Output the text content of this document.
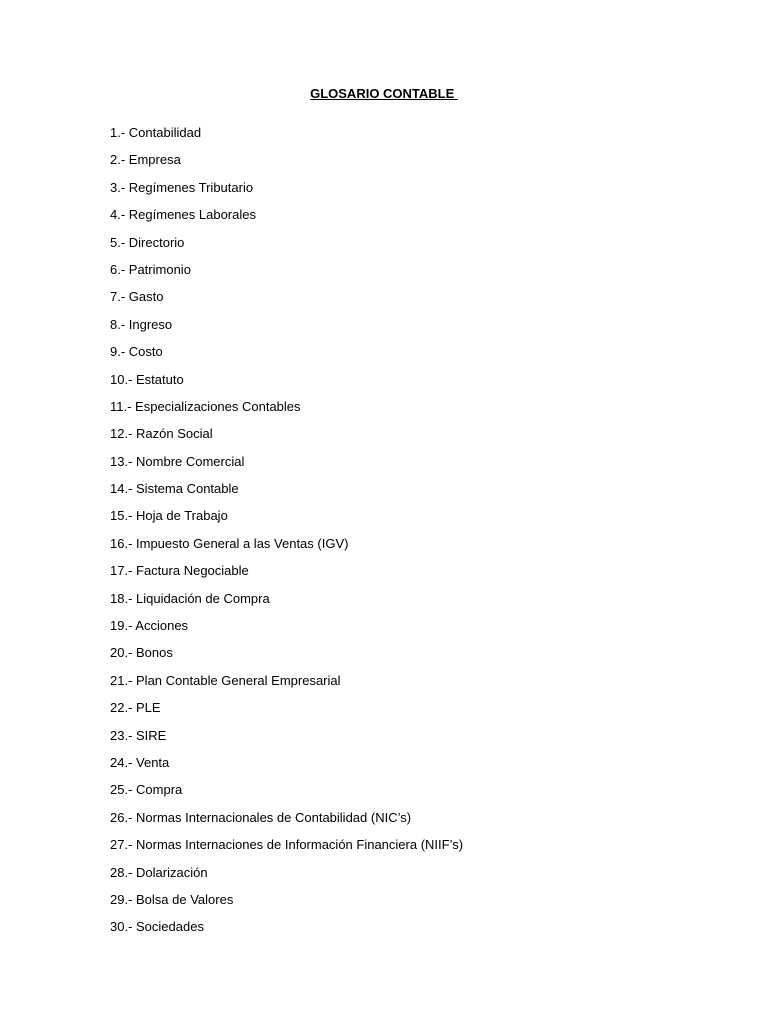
GLOSARIO CONTABLE
1.- Contabilidad
2.- Empresa
3.- Regímenes Tributario
4.- Regímenes Laborales
5.- Directorio
6.- Patrimonio
7.- Gasto
8.- Ingreso
9.- Costo
10.- Estatuto
11.- Especializaciones Contables
12.- Razón Social
13.- Nombre Comercial
14.- Sistema Contable
15.- Hoja de Trabajo
16.- Impuesto General a las Ventas (IGV)
17.- Factura Negociable
18.- Liquidación de Compra
19.- Acciones
20.- Bonos
21.- Plan Contable General Empresarial
22.- PLE
23.- SIRE
24.- Venta
25.- Compra
26.- Normas Internacionales de Contabilidad (NIC’s)
27.- Normas Internaciones de Información Financiera (NIIF’s)
28.- Dolarización
29.- Bolsa de Valores
30.- Sociedades
